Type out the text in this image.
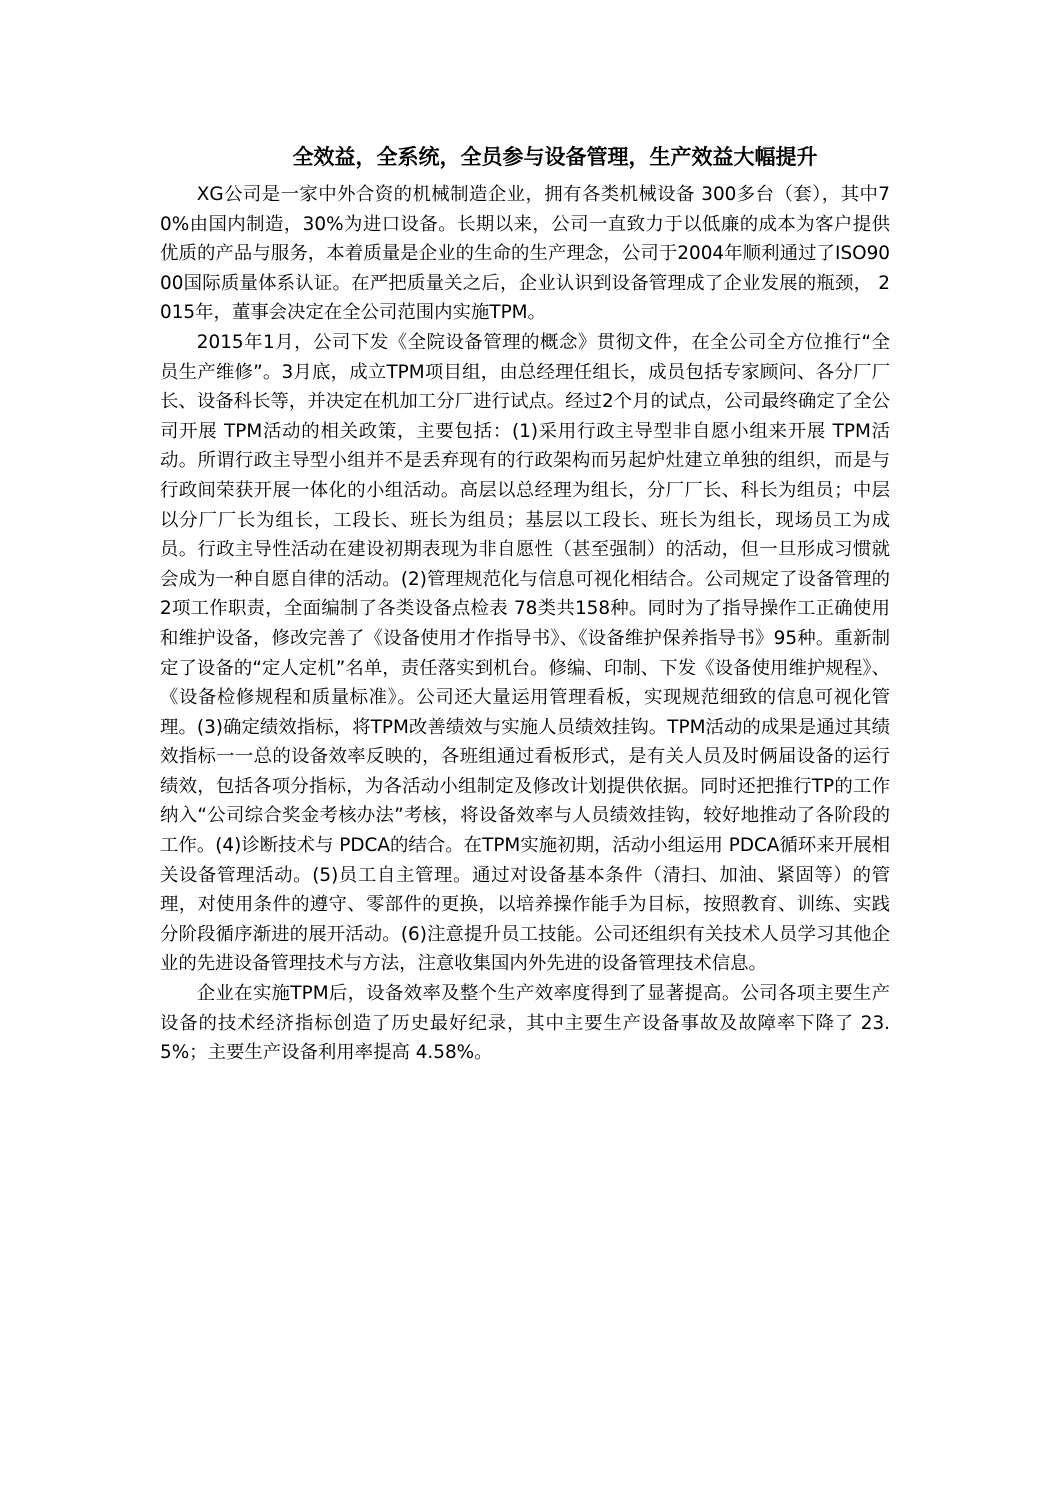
全效益，全系统，全员参与设备管理，生产效益大幅提升

XG公司是一家中外合资的机械制造企业，拥有各类机械设备 300多台（套），其中70%由国内制造，30%为进口设备。长期以来，公司一直致力于以低廉的成本为客户提供优质的产品与服务，本着质量是企业的生命的生产理念，公司于2004年顺利通过了ISO9000国际质量体系认证。在严把质量关之后，企业认识到设备管理成了企业发展的瓶颈， 2015年，董事会决定在全公司范围内实施TPM。

2015年1月，公司下发《全院设备管理的概念》贯彻文件，在全公司全方位推行“全员生产维修”。3月底，成立TPM项目组，由总经理任组长，成员包括专家顾问、各分厂厂长、设备科长等，并决定在机加工分厂进行试点。经过2个月的试点，公司最终确定了全公司开展 TPM活动的相关政策，主要包括：(1)采用行政主导型非自愿小组来开展 TPM活动。所谓行政主导型小组并不是丢弃现有的行政架构而另起炉灶建立单独的组织，而是与行政间荣获开展一体化的小组活动。高层以总经理为组长，分厂厂长、科长为组员；中层以分厂厂长为组长，工段长、班长为组员；基层以工段长、班长为组长，现场员工为成员。行政主导性活动在建设初期表现为非自愿性（甚至强制）的活动，但一旦形成习惯就会成为一种自愿自律的活动。(2)管理规范化与信息可视化相结合。公司规定了设备管理的2项工作职责，全面编制了各类设备点检表 78类共158种。同时为了指导操作工正确使用和维护设备，修改完善了《设备使用才作指导书》、《设备维护保养指导书》95种。重新制定了设备的“定人定机”名单，责任落实到机台。修编、印制、下发《设备使用维护规程》、《设备检修规程和质量标准》。公司还大量运用管理看板，实现规范细致的信息可视化管理。(3)确定绩效指标，将TPM改善绩效与实施人员绩效挂钩。TPM活动的成果是通过其绩效指标一一总的设备效率反映的，各班组通过看板形式，是有关人员及时俩届设备的运行绩效，包括各项分指标，为各活动小组制定及修改计划提供依据。同时还把推行TP的工作纳入“公司综合奖金考核办法”考核，将设备效率与人员绩效挂钩，较好地推动了各阶段的工作。(4)诊断技术与 PDCA的结合。在TPM实施初期，活动小组运用 PDCA循环来开展相关设备管理活动。(5)员工自主管理。通过对设备基本条件（清扫、加油、紧固等）的管理，对使用条件的遵守、零部件的更换，以培养操作能手为目标，按照教育、训练、实践分阶段循序渐进的展开活动。(6)注意提升员工技能。公司还组织有关技术人员学习其他企业的先进设备管理技术与方法，注意收集国内外先进的设备管理技术信息。

企业在实施TPM后，设备效率及整个生产效率度得到了显著提高。公司各项主要生产设备的技术经济指标创造了历史最好纪录，其中主要生产设备事故及故障率下降了 23.5%；主要生产设备利用率提高 4.58%。
